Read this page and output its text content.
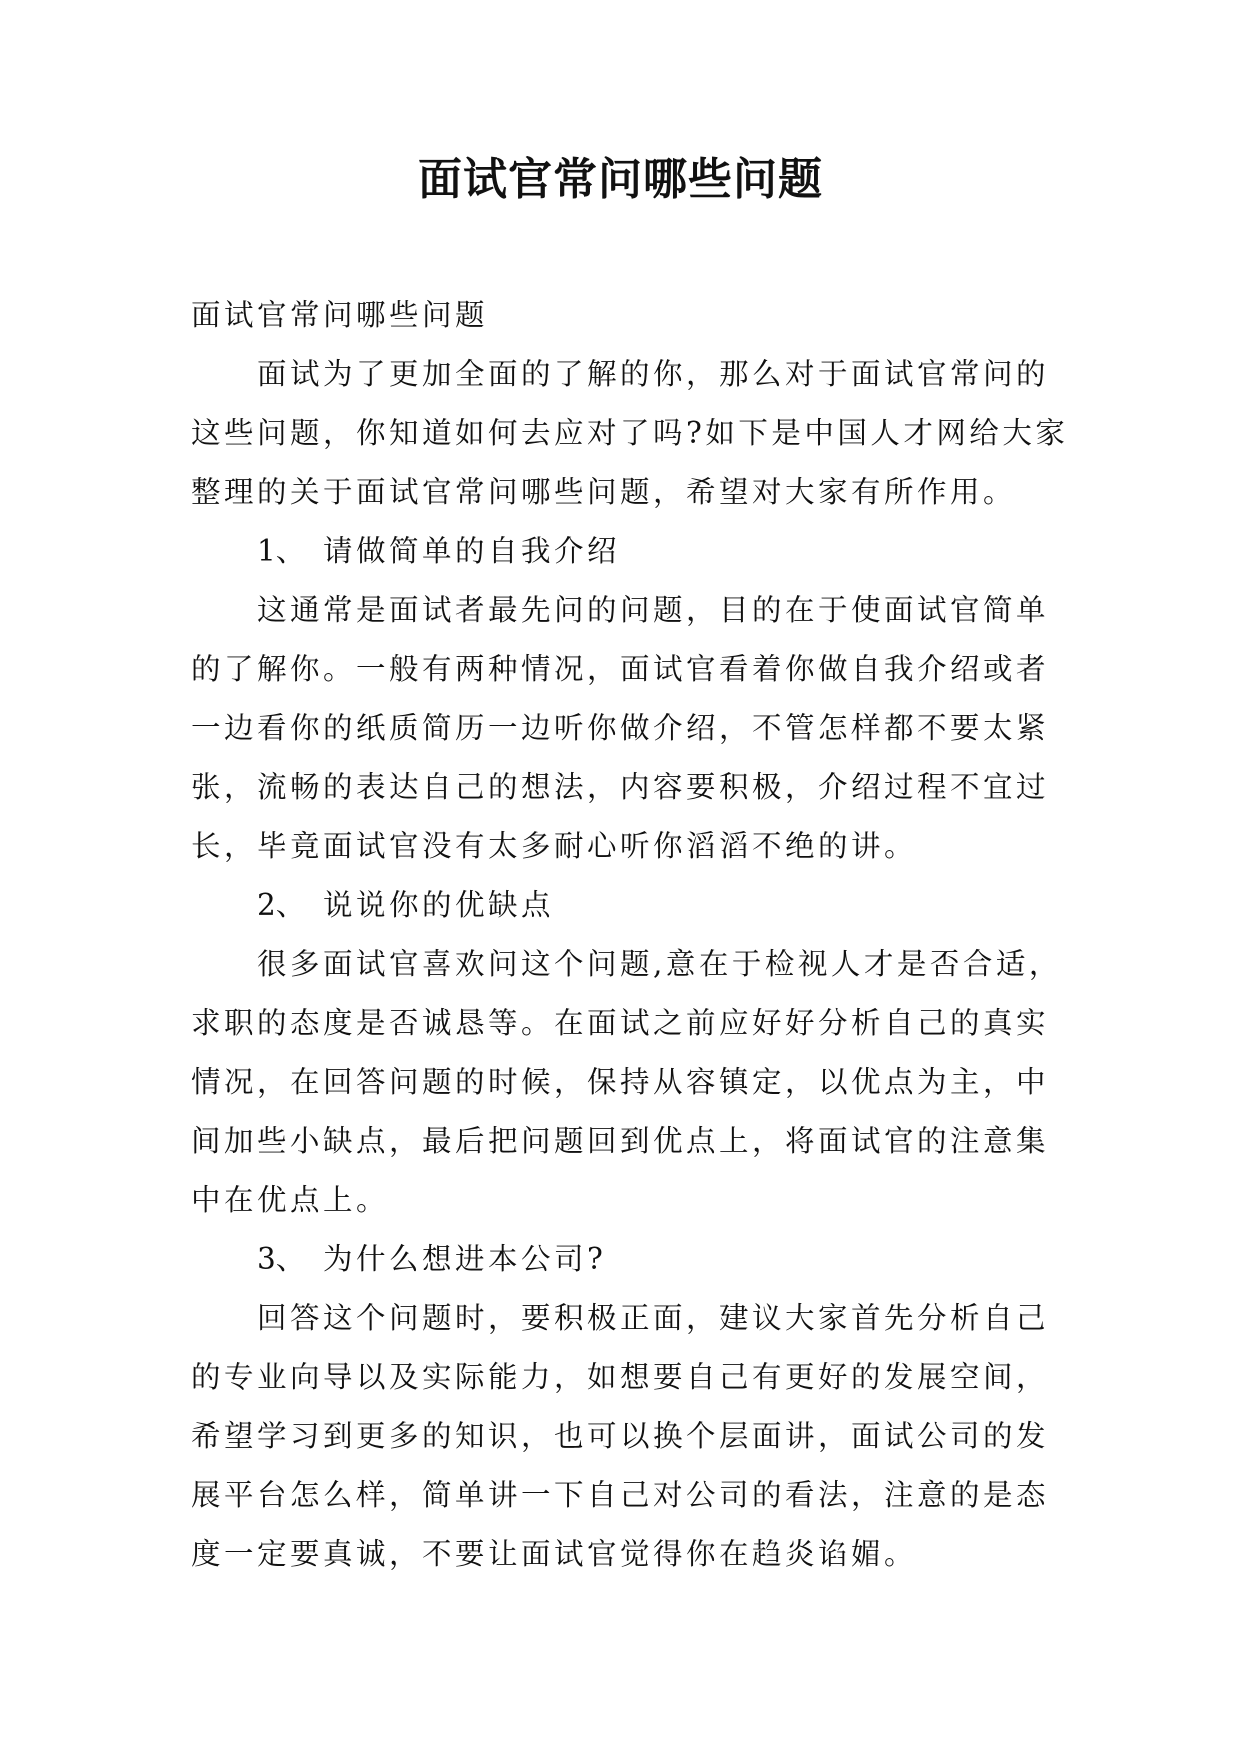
面试官常问哪些问题

面试官常问哪些问题

面试为了更加全面的了解的你，那么对于面试官常问的这些问题，你知道如何去应对了吗?如下是中国人才网给大家整理的关于面试官常问哪些问题，希望对大家有所作用。

1、 请做简单的自我介绍

这通常是面试者最先问的问题，目的在于使面试官简单的了解你。一般有两种情况，面试官看着你做自我介绍或者一边看你的纸质简历一边听你做介绍，不管怎样都不要太紧张，流畅的表达自己的想法，内容要积极，介绍过程不宜过长，毕竟面试官没有太多耐心听你滔滔不绝的讲。

2、 说说你的优缺点

很多面试官喜欢问这个问题,意在于检视人才是否合适，求职的态度是否诚恳等。在面试之前应好好分析自己的真实情况，在回答问题的时候，保持从容镇定，以优点为主，中间加些小缺点，最后把问题回到优点上，将面试官的注意集中在优点上。

3、 为什么想进本公司?

回答这个问题时，要积极正面，建议大家首先分析自己的专业向导以及实际能力，如想要自己有更好的发展空间，希望学习到更多的知识，也可以换个层面讲，面试公司的发展平台怎么样，简单讲一下自己对公司的看法，注意的是态度一定要真诚，不要让面试官觉得你在趋炎谄媚。
